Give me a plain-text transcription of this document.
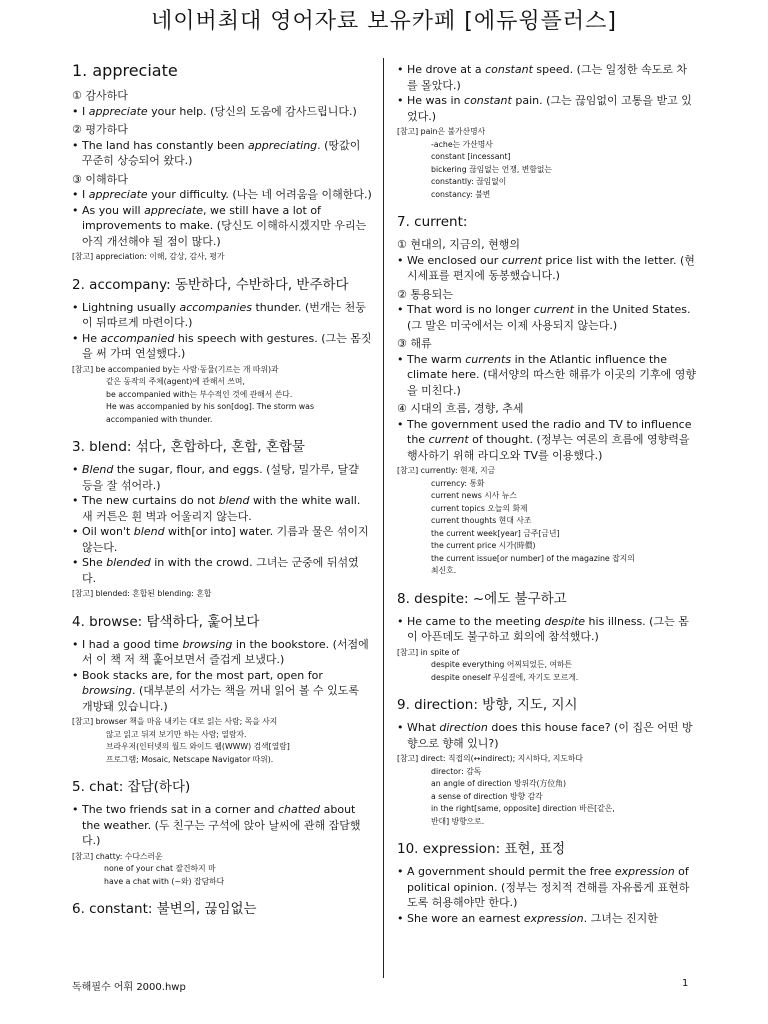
네이버최대 영어자료 보유카페 [에듀윙플러스]
1. appreciate
① 감사하다
• I appreciate your help. (당신의 도움에 감사드립니다.)
② 평가하다
• The land has constantly been appreciating. (땅값이 꾸준히 상승되어 왔다.)
③ 이해하다
• I appreciate your difficulty. (나는 네 어려움을 이해한다.)
• As you will appreciate, we still have a lot of improvements to make. (당신도 이해하시겠지만 우리는 아직 개선해야 될 점이 많다.)
[참고] appreciation: 이해, 감상, 감사, 평가
2. accompany: 동반하다, 수반하다, 반주하다
• Lightning usually accompanies thunder. (번개는 천둥이 뒤따르게 마련이다.)
• He accompanied his speech with gestures. (그는 몸짓을 써 가며 연설했다.)
[참고] be accompanied by는 사람·동물(기르는 개 따위)과
같은 동작의 주체(agent)에 관해서 쓰며,
be accompanied with는 부수적인 것에 관해서 쓴다.
He was accompanied by his son[dog]. The storm was
accompanied with thunder.
3. blend: 섞다, 혼합하다, 혼합, 혼합물
• Blend the sugar, flour, and eggs. (설탕, 밀가루, 달걀 등을 잘 섞어라.)
• The new curtains do not blend with the white wall. 새 커튼은 흰 벽과 어울리지 않는다.
• Oil won't blend with[or into] water. 기름과 물은 섞이지 않는다.
• She blended in with the crowd. 그녀는 군중에 뒤섞였다.
[참고] blended: 혼합된 blending: 혼합
4. browse: 탐색하다, 훑어보다
• I had a good time browsing in the bookstore. (서점에서 이 책 저 책 훑어보면서 즐겁게 보냈다.)
• Book stacks are, for the most part, open for browsing. (대부분의 서가는 책을 꺼내 읽어 볼 수 있도록 개방돼 있습니다.)
[참고] browser 책을 마음 내키는 대로 읽는 사람; 목을 사지
않고 읽고 뒤져 보기만 하는 사람; 열람자.
브라우저(인터넷의 월드 와이드 웹(WWW) 검색[열람]
프로그램; Mosaic, Netscape Navigator 따위).
5. chat: 잡담(하다)
• The two friends sat in a corner and chatted about the weather. (두 친구는 구석에 앉아 날씨에 관해 잡담했다.)
[참고] chatty: 수다스러운
none of your chat 잘건하지 마
have a chat with (~와) 잡담하다
6. constant: 불변의, 끊임없는
• He drove at a constant speed. (그는 일정한 속도로 차를 몰았다.)
• He was in constant pain. (그는 끊임없이 고통을 받고 있었다.)
[참고] pain은 불가산명사
-ache는 가산명사
constant [incessant]
bickering 끊임없는 언쟁, 변함없는
constantly: 끊임없이
constancy: 불변
7. current:
① 현대의, 지금의, 현행의
• We enclosed our current price list with the letter. (현 시세표를 편지에 동봉했습니다.)
② 통용되는
• That word is no longer current in the United States. (그 말은 미국에서는 이제 사용되지 않는다.)
③ 해류
• The warm currents in the Atlantic influence the climate here. (대서양의 따스한 해류가 이곳의 기후에 영향을 미친다.)
④ 시대의 흐름, 경향, 추세
• The government used the radio and TV to influence the current of thought. (정부는 여론의 흐름에 영향력을 행사하기 위해 라디오와 TV를 이용했다.)
[참고] currently: 현재, 지금
currency: 통화
current news 시사 뉴스
current topics 오늘의 화제
current thoughts 현대 사조
the current week[year] 금주[금년]
the current price 시가(時價)
the current issue[or number] of the magazine 잡지의
최신호.
8. despite: ~에도 불구하고
• He came to the meeting despite his illness. (그는 몸이 아픈데도 불구하고 회의에 참석했다.)
[참고] in spite of
despite everything 어찌되었든, 여하튼
despite oneself 무심결에, 자기도 모르게.
9. direction: 방향, 지도, 지시
• What direction does this house face? (이 집은 어떤 방향으로 향해 있니?)
[참고] direct: 직접의(↔indirect); 지시하다, 지도하다
director: 감독
an angle of direction 방위각(方位角)
a sense of direction 방향 감각
in the right[same, opposite] direction 바른[같은,
반대] 방향으로.
10. expression: 표현, 표정
• A government should permit the free expression of political opinion. (정부는 정치적 견해를 자유롭게 표현하도록 허용해야만 한다.)
• She wore an earnest expression. 그녀는 진지한
독해필수 어휘 2000.hwp	1
